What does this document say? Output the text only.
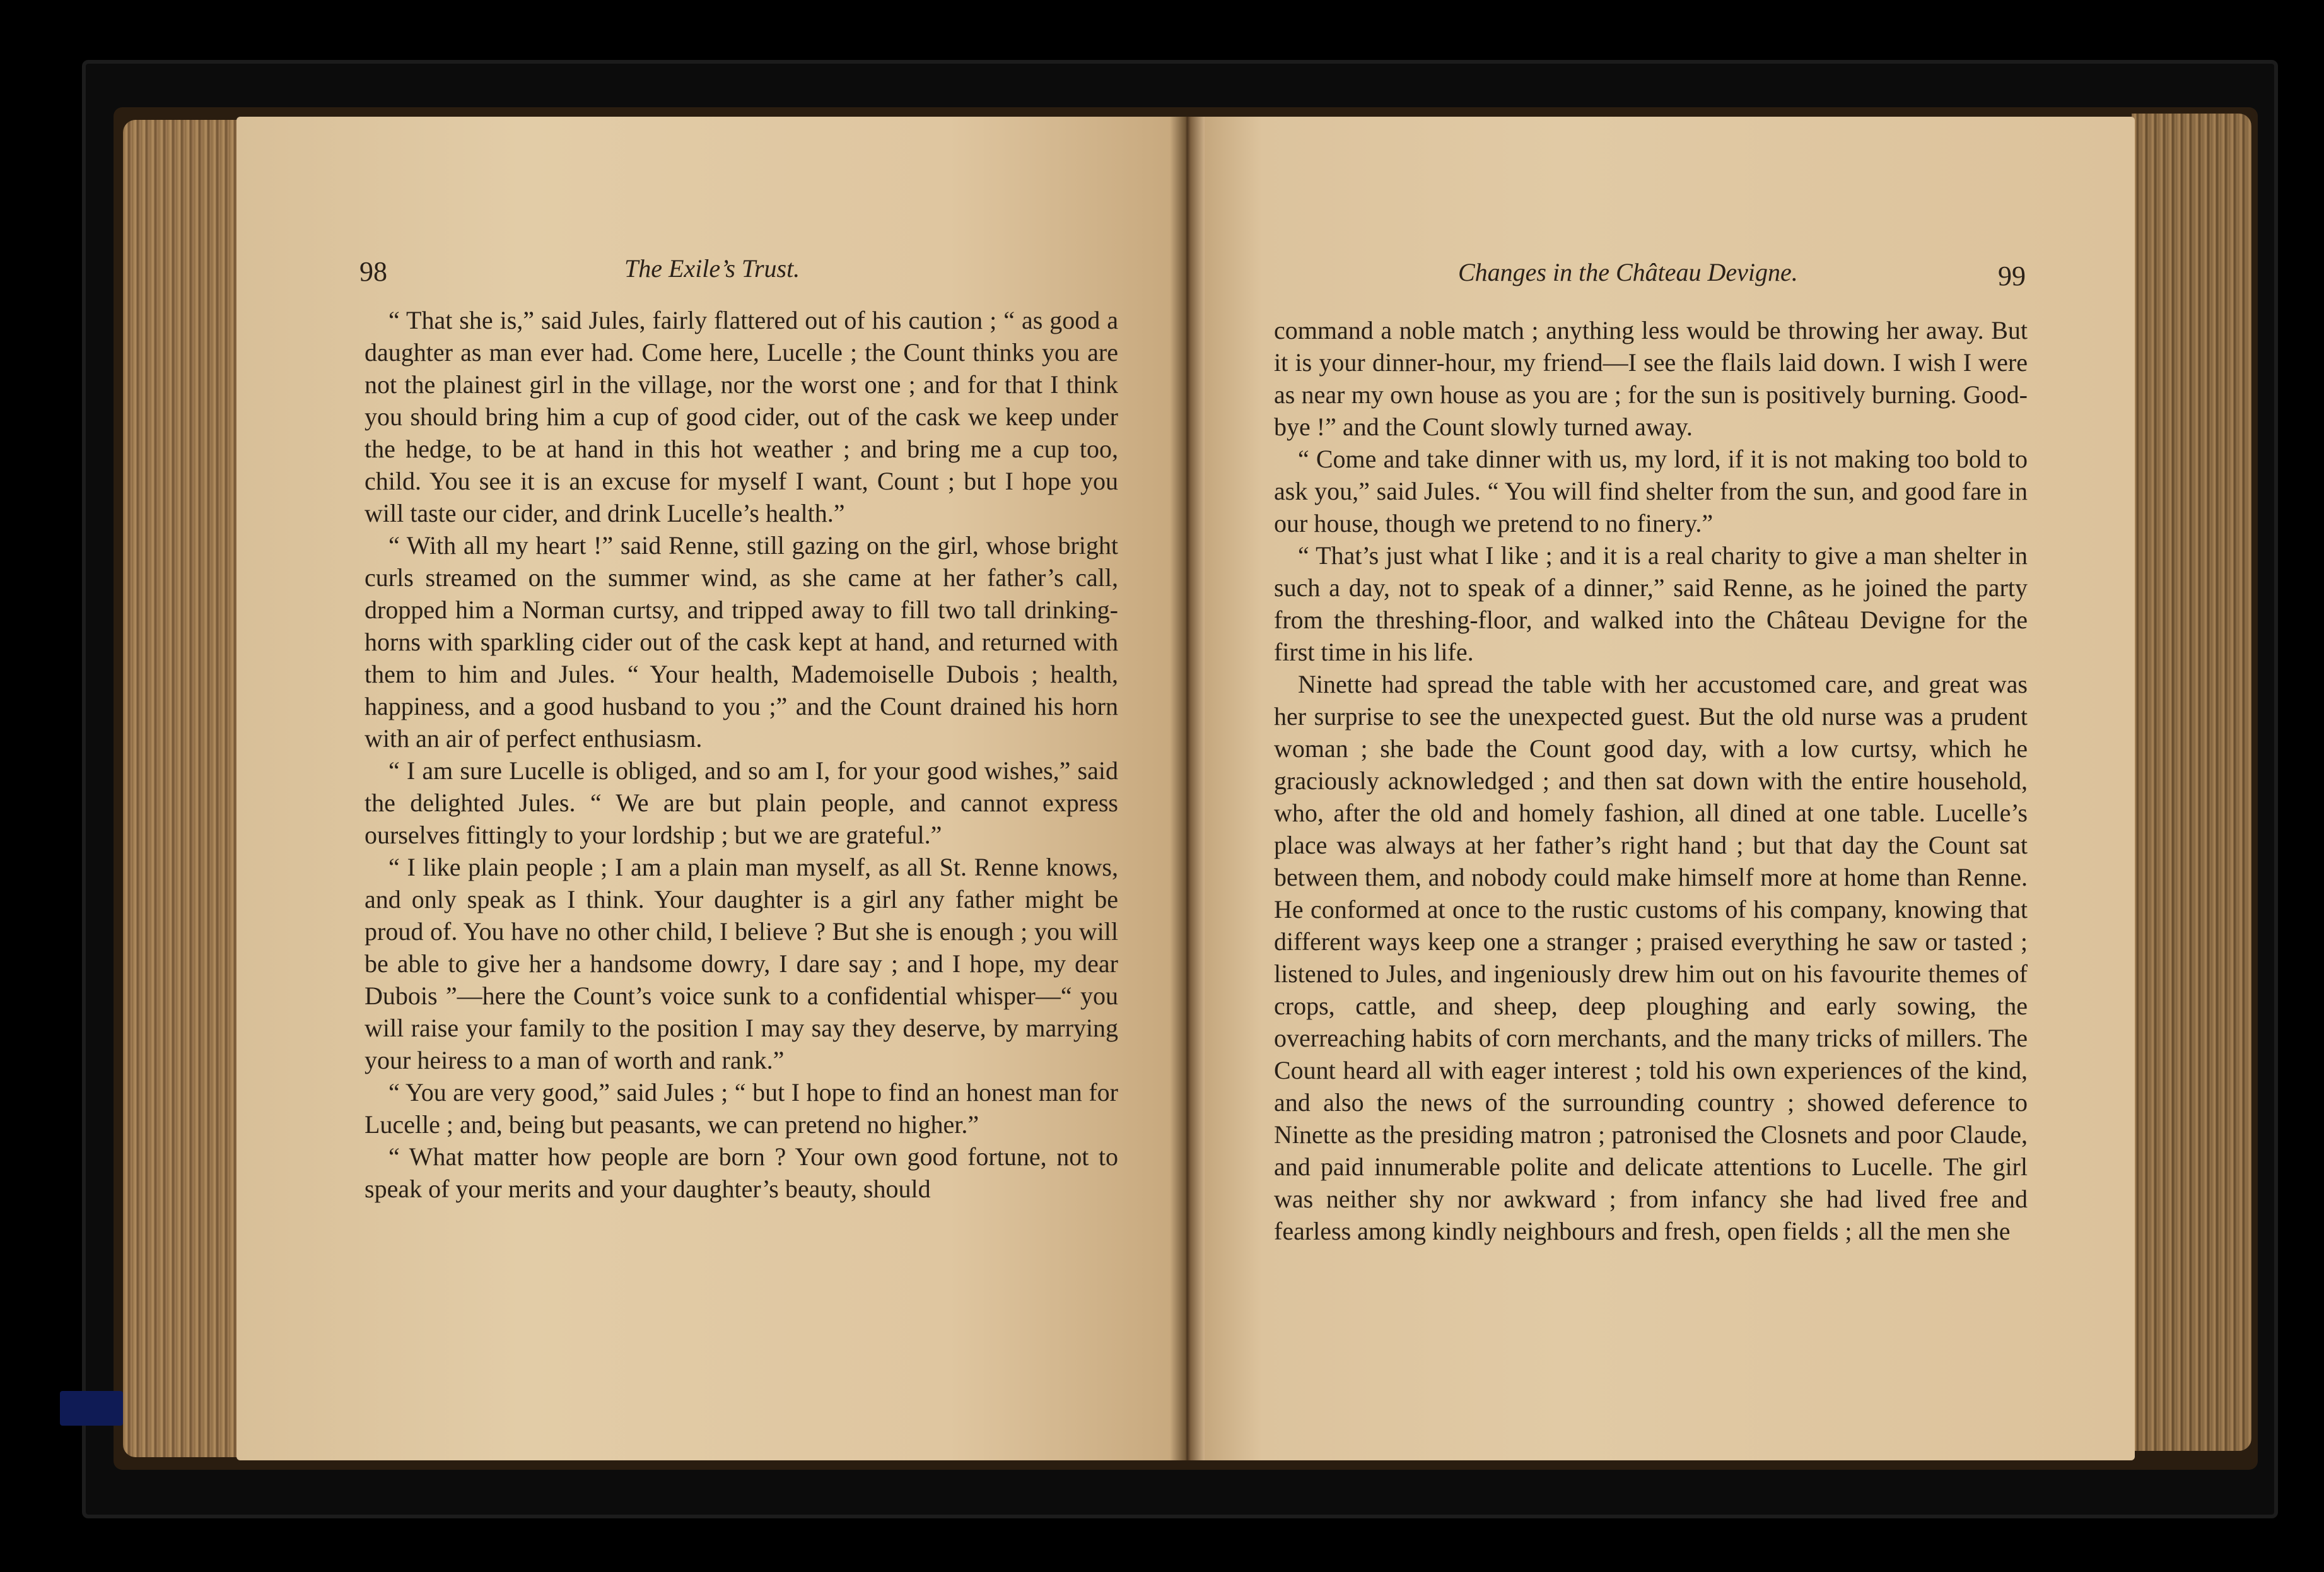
98	The Exile’s Trust.	Changes in the Château Devigne.	99

“ That she is,” said Jules, fairly flattered out of his caution ; “ as good a daughter as man ever had. Come here, Lucelle ; the Count thinks you are not the plainest girl in the village, nor the worst one ; and for that I think you should bring him a cup of good cider, out of the cask we keep under the hedge, to be at hand in this hot weather ; and bring me a cup too, child. You see it is an excuse for myself I want, Count ; but I hope you will taste our cider, and drink Lucelle’s health.”

“ With all my heart !” said Renne, still gazing on the girl, whose bright curls streamed on the summer wind, as she came at her father’s call, dropped him a Norman curtsy, and tripped away to fill two tall drinking-horns with sparkling cider out of the cask kept at hand, and returned with them to him and Jules. “ Your health, Mademoiselle Dubois ; health, happiness, and a good husband to you ;” and the Count drained his horn with an air of perfect enthusiasm.

“ I am sure Lucelle is obliged, and so am I, for your good wishes,” said the delighted Jules. “ We are but plain people, and cannot express ourselves fittingly to your lordship ; but we are grateful.”

“ I like plain people ; I am a plain man myself, as all St. Renne knows, and only speak as I think. Your daughter is a girl any father might be proud of. You have no other child, I believe ? But she is enough ; you will be able to give her a handsome dowry, I dare say ; and I hope, my dear Dubois ”—here the Count’s voice sunk to a confidential whisper—“ you will raise your family to the position I may say they deserve, by marrying your heiress to a man of worth and rank.”

“ You are very good,” said Jules ; “ but I hope to find an honest man for Lucelle ; and, being but peasants, we can pretend no higher.”

“ What matter how people are born ? Your own good fortune, not to speak of your merits and your daughter’s beauty, should

command a noble match ; anything less would be throwing her away. But it is your dinner-hour, my friend—I see the flails laid down. I wish I were as near my own house as you are ; for the sun is positively burning. Good-bye !” and the Count slowly turned away.

“ Come and take dinner with us, my lord, if it is not making too bold to ask you,” said Jules. “ You will find shelter from the sun, and good fare in our house, though we pretend to no finery.”

“ That’s just what I like ; and it is a real charity to give a man shelter in such a day, not to speak of a dinner,” said Renne, as he joined the party from the threshing-floor, and walked into the Château Devigne for the first time in his life.

Ninette had spread the table with her accustomed care, and great was her surprise to see the unexpected guest. But the old nurse was a prudent woman ; she bade the Count good day, with a low curtsy, which he graciously acknowledged ; and then sat down with the entire household, who, after the old and homely fashion, all dined at one table. Lucelle’s place was always at her father’s right hand ; but that day the Count sat between them, and nobody could make himself more at home than Renne. He conformed at once to the rustic customs of his company, knowing that different ways keep one a stranger ; praised everything he saw or tasted ; listened to Jules, and ingeniously drew him out on his favourite themes of crops, cattle, and sheep, deep ploughing and early sowing, the overreaching habits of corn merchants, and the many tricks of millers. The Count heard all with eager interest ; told his own experiences of the kind, and also the news of the surrounding country ; showed deference to Ninette as the presiding matron ; patronised the Closnets and poor Claude, and paid innumerable polite and delicate attentions to Lucelle. The girl was neither shy nor awkward ; from infancy she had lived free and fearless among kindly neighbours and fresh, open fields ; all the men she
